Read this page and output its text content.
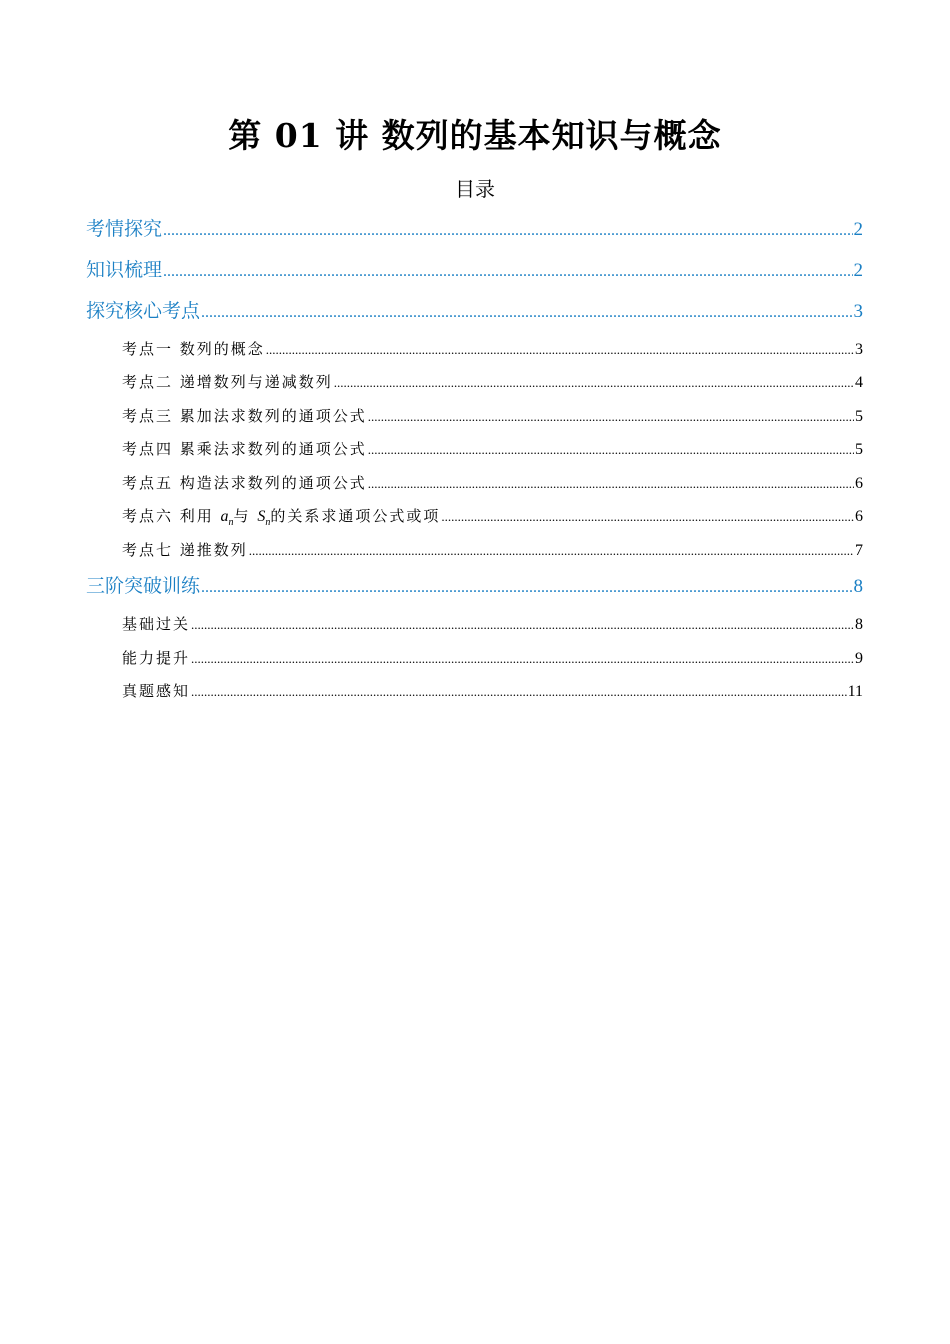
第 01 讲 数列的基本知识与概念
目录
考情探究 .....	2
知识梳理 .....	2
探究核心考点 .....	3
考点一 数列的概念 .....	3
考点二 递增数列与递减数列 .....	4
考点三 累加法求数列的通项公式 .....	5
考点四 累乘法求数列的通项公式 .....	5
考点五 构造法求数列的通项公式 .....	6
考点六 利用 $a_n$与 $S_n$的关系求通项公式或项 .....	6
考点七 递推数列 .....	7
三阶突破训练 .....	8
基础过关 .....	8
能力提升 .....	9
真题感知 .....	11
